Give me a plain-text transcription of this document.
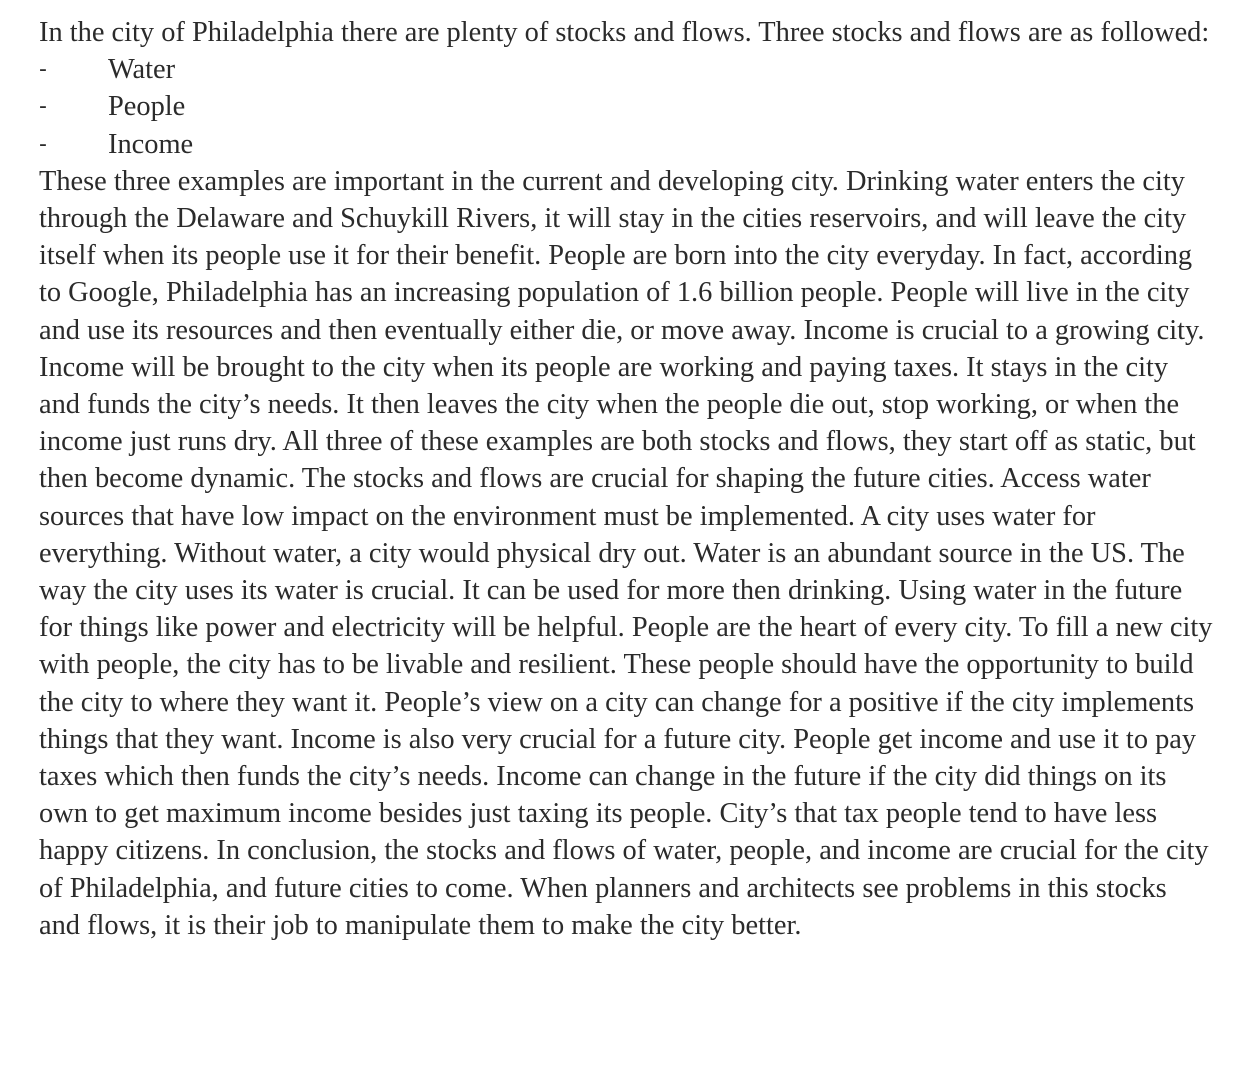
In the city of Philadelphia there are plenty of stocks and flows. Three stocks and flows are as followed:

- Water
- People
- Income

These three examples are important in the current and developing city. Drinking water enters the city through the Delaware and Schuykill Rivers, it will stay in the cities reservoirs, and will leave the city itself when its people use it for their benefit. People are born into the city everyday. In fact, according to Google, Philadelphia has an increasing population of 1.6 billion people. People will live in the city and use its resources and then eventually either die, or move away. Income is crucial to a growing city. Income will be brought to the city when its people are working and paying taxes. It stays in the city and funds the city’s needs. It then leaves the city when the people die out, stop working, or when the income just runs dry. All three of these examples are both stocks and flows, they start off as static, but then become dynamic. The stocks and flows are crucial for shaping the future cities. Access water sources that have low impact on the environment must be implemented. A city uses water for everything. Without water, a city would physical dry out. Water is an abundant source in the US. The way the city uses its water is crucial. It can be used for more then drinking. Using water in the future for things like power and electricity will be helpful. People are the heart of every city. To fill a new city with people, the city has to be livable and resilient. These people should have the opportunity to build the city to where they want it. People’s view on a city can change for a positive if the city implements things that they want. Income is also very crucial for a future city. People get income and use it to pay taxes which then funds the city’s needs. Income can change in the future if the city did things on its own to get maximum income besides just taxing its people. City’s that tax people tend to have less happy citizens. In conclusion, the stocks and flows of water, people, and income are crucial for the city of Philadelphia, and future cities to come. When planners and architects see problems in this stocks and flows, it is their job to manipulate them to make the city better.
